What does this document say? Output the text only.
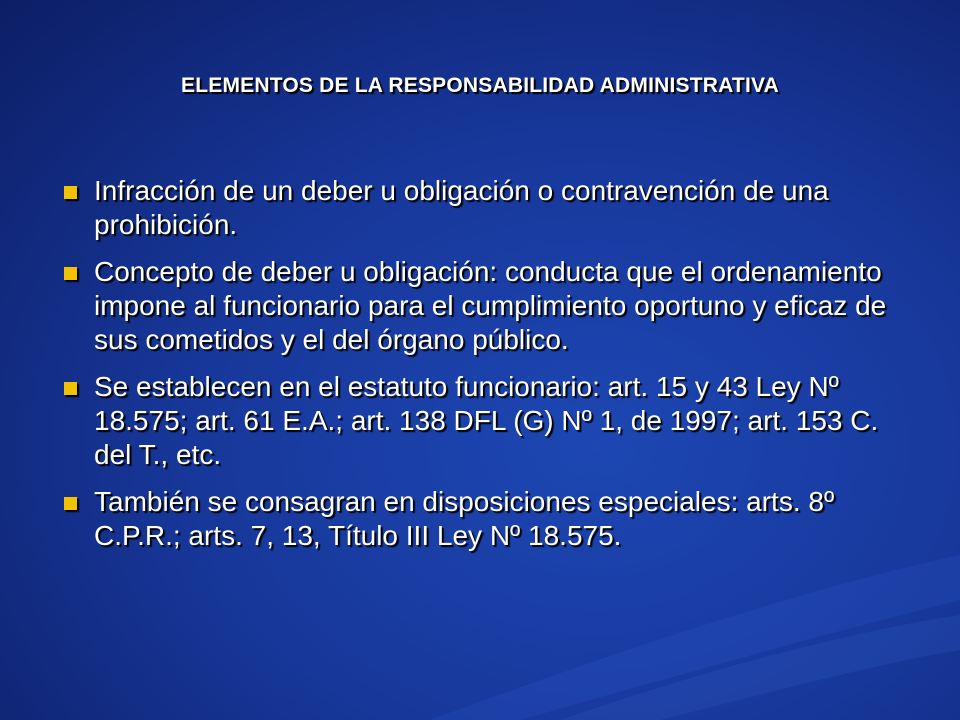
ELEMENTOS DE LA RESPONSABILIDAD ADMINISTRATIVA
Infracción de un deber u obligación o contravención de una prohibición.
Concepto de deber u obligación: conducta que el ordenamiento impone al funcionario para el cumplimiento oportuno y eficaz de sus cometidos y el del órgano público.
Se establecen en el estatuto funcionario: art. 15 y 43 Ley Nº 18.575; art. 61 E.A.; art. 138 DFL (G) Nº 1, de 1997; art. 153 C. del T., etc.
También se consagran en disposiciones especiales: arts. 8º C.P.R.; arts. 7, 13, Título III Ley Nº 18.575.
